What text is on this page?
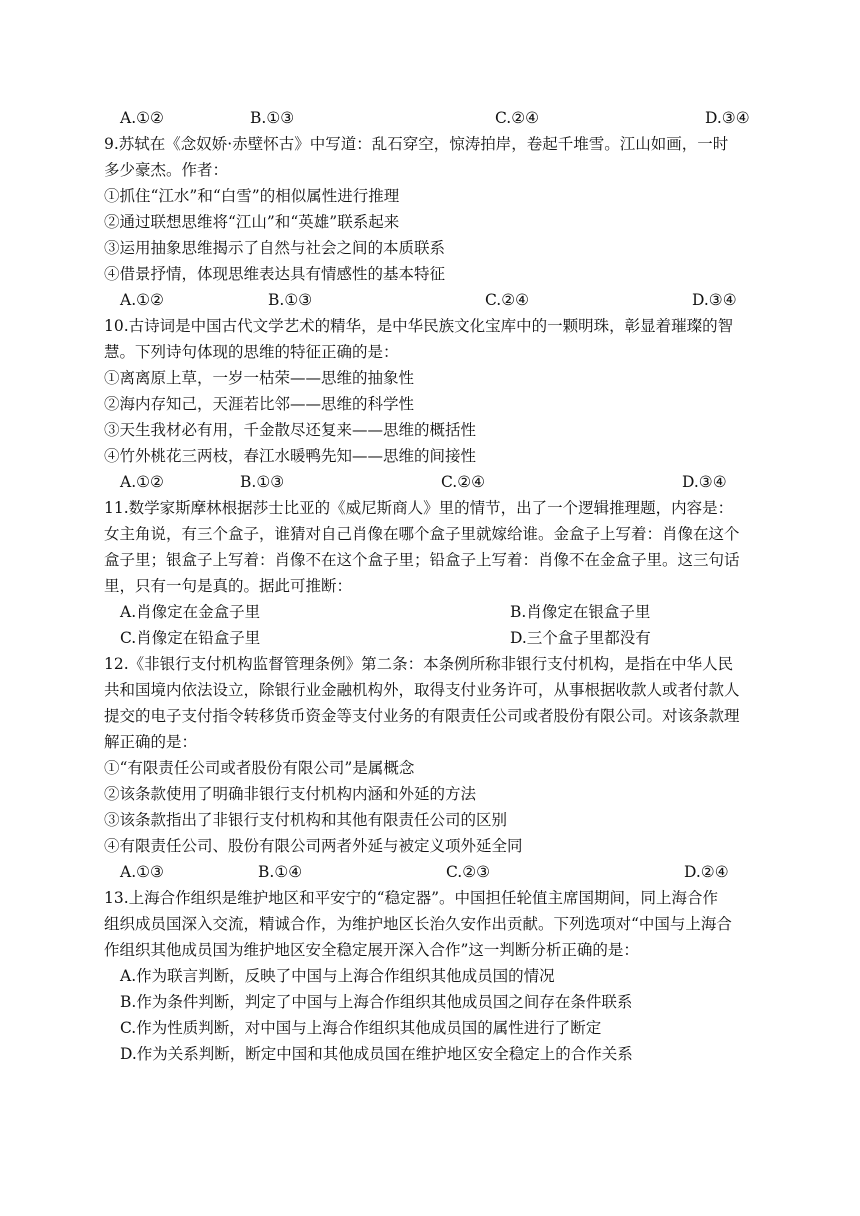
A.①②	B.①③	C.②④	D.③④
9.苏轼在《念奴娇·赤壁怀古》中写道：乱石穿空，惊涛拍岸，卷起千堆雪。江山如画，一时
多少豪杰。作者：
①抓住“江水”和“白雪”的相似属性进行推理
②通过联想思维将“江山”和“英雄”联系起来
③运用抽象思维揭示了自然与社会之间的本质联系
④借景抒情，体现思维表达具有情感性的基本特征
A.①②	B.①③	C.②④	D.③④
10.古诗词是中国古代文学艺术的精华，是中华民族文化宝库中的一颗明珠，彰显着璀璨的智
慧。下列诗句体现的思维的特征正确的是：
①离离原上草，一岁一枯荣——思维的抽象性
②海内存知己，天涯若比邻——思维的科学性
③天生我材必有用，千金散尽还复来——思维的概括性
④竹外桃花三两枝，春江水暖鸭先知——思维的间接性
A.①②	B.①③	C.②④	D.③④
11.数学家斯摩林根据莎士比亚的《威尼斯商人》里的情节，出了一个逻辑推理题，内容是：
女主角说，有三个盒子，谁猜对自己肖像在哪个盒子里就嫁给谁。金盒子上写着：肖像在这个
盒子里；银盒子上写着：肖像不在这个盒子里；铅盒子上写着：肖像不在金盒子里。这三句话
里，只有一句是真的。据此可推断：
A.肖像定在金盒子里	B.肖像定在银盒子里
C.肖像定在铅盒子里	D.三个盒子里都没有
12.《非银行支付机构监督管理条例》第二条：本条例所称非银行支付机构，是指在中华人民
共和国境内依法设立，除银行业金融机构外，取得支付业务许可，从事根据收款人或者付款人
提交的电子支付指令转移货币资金等支付业务的有限责任公司或者股份有限公司。对该条款理
解正确的是：
①“有限责任公司或者股份有限公司”是属概念
②该条款使用了明确非银行支付机构内涵和外延的方法
③该条款指出了非银行支付机构和其他有限责任公司的区别
④有限责任公司、股份有限公司两者外延与被定义项外延全同
A.①③	B.①④	C.②③	D.②④
13.上海合作组织是维护地区和平安宁的“稳定器”。中国担任轮值主席国期间，同上海合作
组织成员国深入交流，精诚合作，为维护地区长治久安作出贡献。下列选项对“中国与上海合
作组织其他成员国为维护地区安全稳定展开深入合作”这一判断分析正确的是：
A.作为联言判断，反映了中国与上海合作组织其他成员国的情况
B.作为条件判断，判定了中国与上海合作组织其他成员国之间存在条件联系
C.作为性质判断，对中国与上海合作组织其他成员国的属性进行了断定
D.作为关系判断，断定中国和其他成员国在维护地区安全稳定上的合作关系
